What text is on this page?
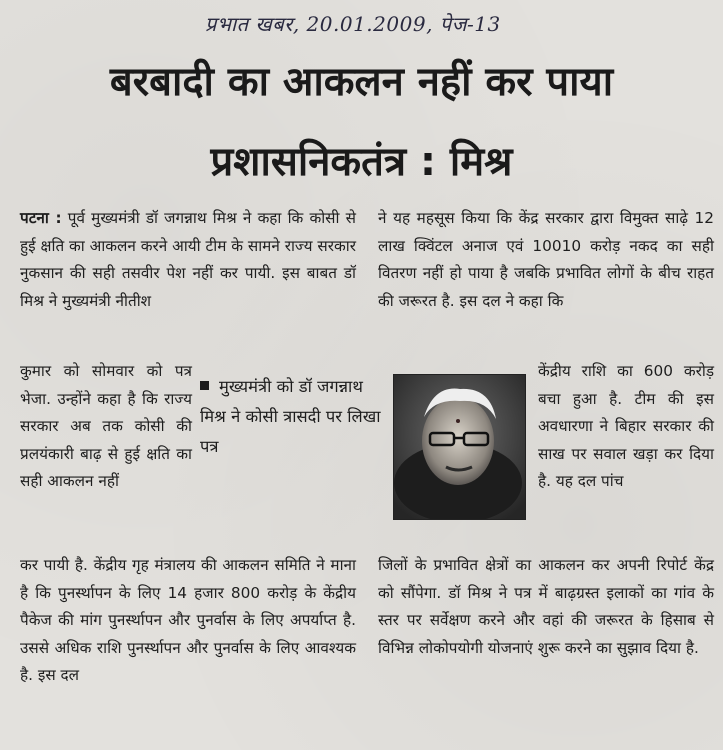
प्रभात खबर, 20.01.2009, पेज-13
बरबादी का आकलन नहीं कर पाया
प्रशासनिकतंत्र : मिश्र

पटना : पूर्व मुख्यमंत्री डॉ जगन्नाथ मिश्र ने कहा कि कोसी से हुई क्षति का आकलन करने आयी टीम के सामने राज्य सरकार नुकसान की सही तसवीर पेश नहीं कर पायी. इस बाबत डॉ मिश्र ने मुख्यमंत्री नीतीश

कुमार को सोमवार को पत्र भेजा. उन्होंने कहा है कि राज्य सरकार अब तक कोसी की प्रलयंकारी बाढ़ से हुई क्षति का सही आकलन नहीं

मुख्यमंत्री को डॉ जगन्नाथ मिश्र ने कोसी त्रासदी पर लिखा पत्र

ने यह महसूस किया कि केंद्र सरकार द्वारा विमुक्त साढ़े 12 लाख क्विंटल अनाज एवं 10010 करोड़ नकद का सही वितरण नहीं हो पाया है जबकि प्रभावित लोगों के बीच राहत की जरूरत है. इस दल ने कहा कि

केंद्रीय राशि का 600 करोड़ बचा हुआ है. टीम की इस अवधारणा ने बिहार सरकार की साख पर सवाल खड़ा कर दिया है. यह दल पांच

कर पायी है. केंद्रीय गृह मंत्रालय की आकलन समिति ने माना है कि पुनर्स्थापन के लिए 14 हजार 800 करोड़ के केंद्रीय पैकेज की मांग पुनर्स्थापन और पुनर्वास के लिए अपर्याप्त है. उससे अधिक राशि पुनर्स्थापन और पुनर्वास के लिए आवश्यक है. इस दल

जिलों के प्रभावित क्षेत्रों का आकलन कर अपनी रिपोर्ट केंद्र को सौंपेगा. डॉ मिश्र ने पत्र में बाढ़ग्रस्त इलाकों का गांव के स्तर पर सर्वेक्षण करने और वहां की जरूरत के हिसाब से विभिन्न लोकोपयोगी योजनाएं शुरू करने का सुझाव दिया है.
